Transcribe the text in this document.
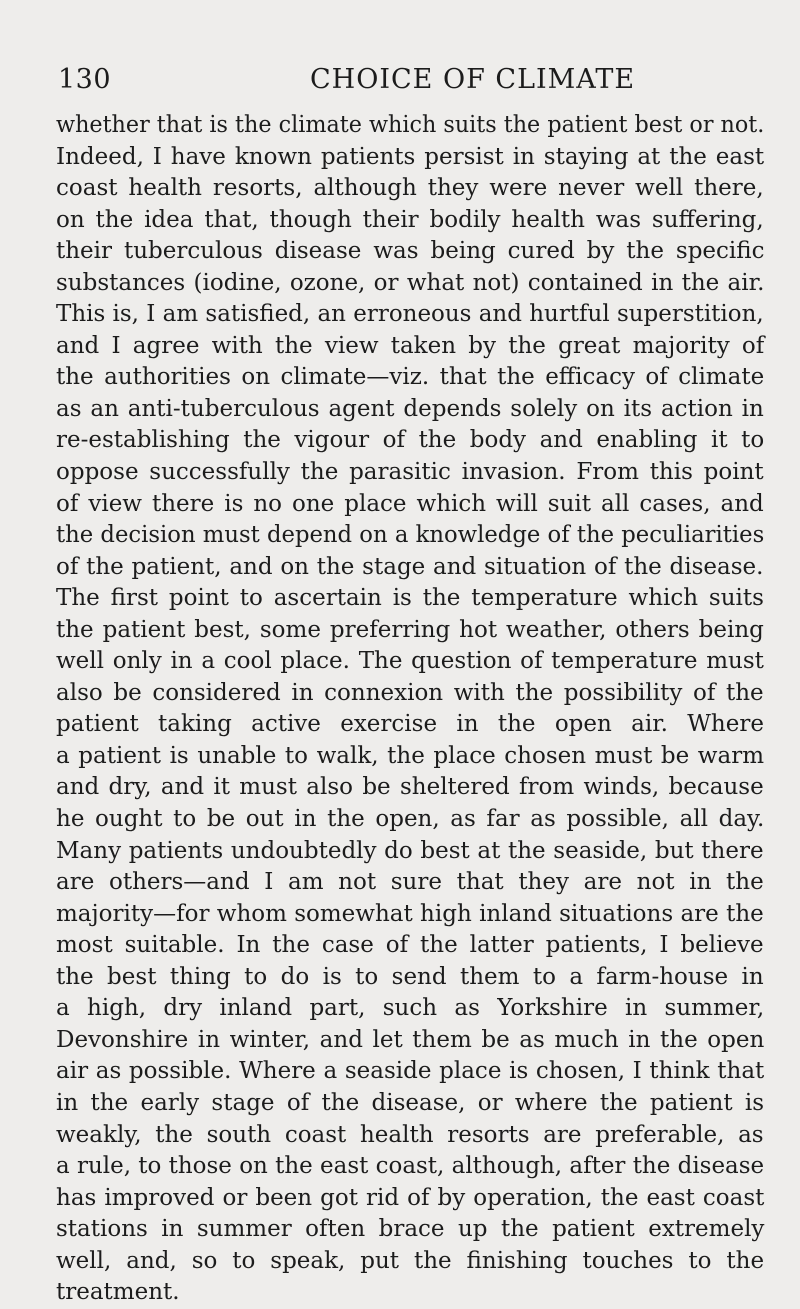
130	CHOICE OF CLIMATE
whether that is the climate which suits the patient best or not.
Indeed, I have known patients persist in staying at the east
coast health resorts, although they were never well there,
on the idea that, though their bodily health was suffering,
their tuberculous disease was being cured by the specific
substances (iodine, ozone, or what not) contained in the air.
This is, I am satisfied, an erroneous and hurtful superstition,
and I agree with the view taken by the great majority of
the authorities on climate—viz. that the efficacy of climate
as an anti-tuberculous agent depends solely on its action in
re-establishing the vigour of the body and enabling it to
oppose successfully the parasitic invasion. From this point
of view there is no one place which will suit all cases, and
the decision must depend on a knowledge of the peculiarities
of the patient, and on the stage and situation of the disease.
The first point to ascertain is the temperature which suits
the patient best, some preferring hot weather, others being
well only in a cool place. The question of temperature must
also be considered in connexion with the possibility of the
patient taking active exercise in the open air. Where
a patient is unable to walk, the place chosen must be warm
and dry, and it must also be sheltered from winds, because
he ought to be out in the open, as far as possible, all day.
Many patients undoubtedly do best at the seaside, but there
are others—and I am not sure that they are not in the
majority—for whom somewhat high inland situations are the
most suitable. In the case of the latter patients, I believe
the best thing to do is to send them to a farm-house in
a high, dry inland part, such as Yorkshire in summer,
Devonshire in winter, and let them be as much in the open
air as possible. Where a seaside place is chosen, I think that
in the early stage of the disease, or where the patient is
weakly, the south coast health resorts are preferable, as
a rule, to those on the east coast, although, after the disease
has improved or been got rid of by operation, the east coast
stations in summer often brace up the patient extremely
well, and, so to speak, put the finishing touches to the
treatment.
